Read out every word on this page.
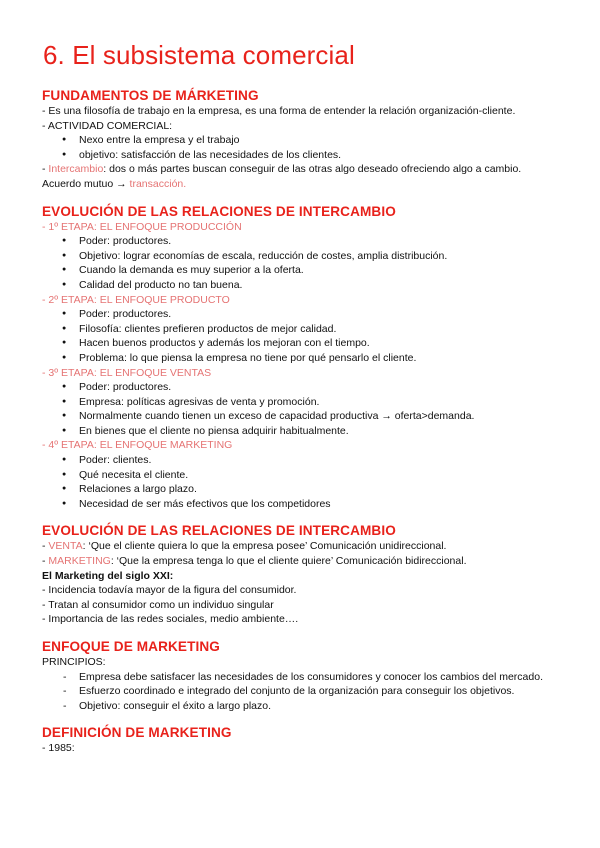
6. El subsistema comercial
FUNDAMENTOS DE MÁRKETING
- Es una filosofía de trabajo en la empresa, es una forma de entender la relación organización-cliente.
- ACTIVIDAD COMERCIAL:
● Nexo entre la empresa y el trabajo
● objetivo: satisfacción de las necesidades de los clientes.
- Intercambio: dos o más partes buscan conseguir de las otras algo deseado ofreciendo algo a cambio.
Acuerdo mutuo → transacción.
EVOLUCIÓN DE LAS RELACIONES DE INTERCAMBIO
- 1º ETAPA: EL ENFOQUE PRODUCCIÓN
● Poder: productores.
● Objetivo: lograr economías de escala, reducción de costes, amplia distribución.
● Cuando la demanda es muy superior a la oferta.
● Calidad del producto no tan buena.
- 2º ETAPA: EL ENFOQUE PRODUCTO
● Poder: productores.
● Filosofía: clientes prefieren productos de mejor calidad.
● Hacen buenos productos y además los mejoran con el tiempo.
● Problema: lo que piensa la empresa no tiene por qué pensarlo el cliente.
- 3º ETAPA: EL ENFOQUE VENTAS
● Poder: productores.
● Empresa: políticas agresivas de venta y promoción.
● Normalmente cuando tienen un exceso de capacidad productiva → oferta>demanda.
● En bienes que el cliente no piensa adquirir habitualmente.
- 4º ETAPA: EL ENFOQUE MARKETING
● Poder: clientes.
● Qué necesita el cliente.
● Relaciones a largo plazo.
● Necesidad de ser más efectivos que los competidores
EVOLUCIÓN DE LAS RELACIONES DE INTERCAMBIO
- VENTA: ‘Que el cliente quiera lo que la empresa posee’ Comunicación unidireccional.
- MARKETING: ‘Que la empresa tenga lo que el cliente quiere’ Comunicación bidireccional.
El Marketing del siglo XXI:
- Incidencia todavía mayor de la figura del consumidor.
- Tratan al consumidor como un individuo singular
- Importancia de las redes sociales, medio ambiente….
ENFOQUE DE MARKETING
PRINCIPIOS:
- Empresa debe satisfacer las necesidades de los consumidores y conocer los cambios del mercado.
- Esfuerzo coordinado e integrado del conjunto de la organización para conseguir los objetivos.
- Objetivo: conseguir el éxito a largo plazo.
DEFINICIÓN DE MARKETING
- 1985:
